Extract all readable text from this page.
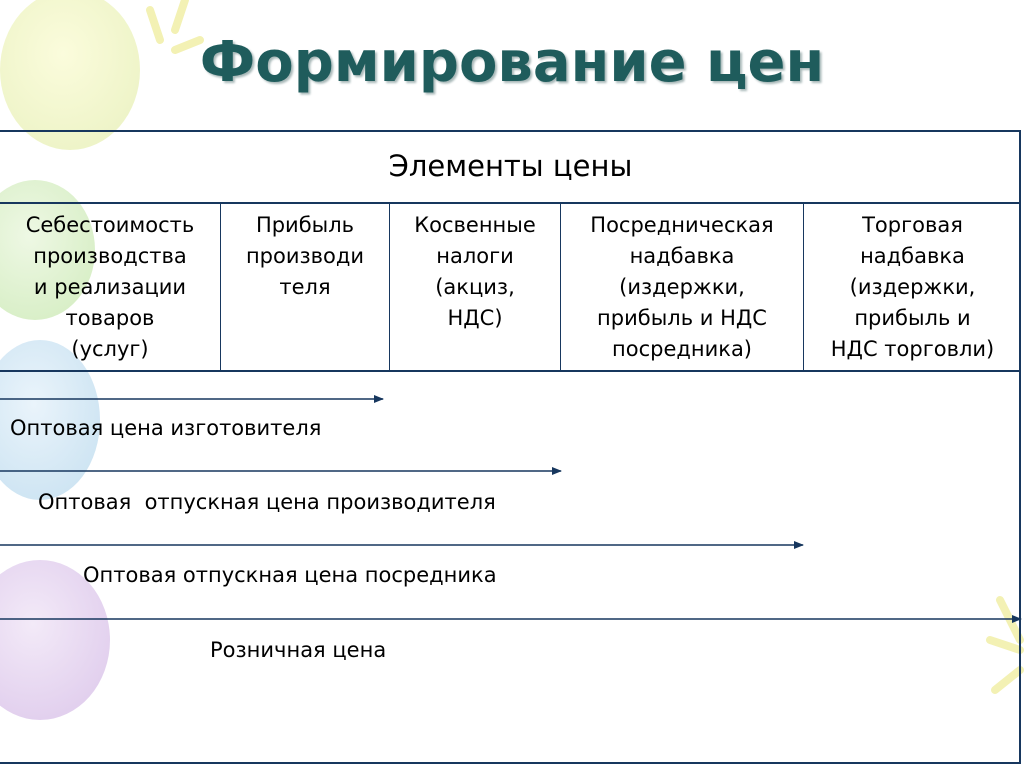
Формирование цен
Элементы цены
Себестоимость
производства
и реализации
товаров
(услуг)
Прибыль
производи
теля
Косвенные
налоги
(акциз,
НДС)
Посредническая
надбавка
(издержки,
прибыль и НДС
посредника)
Торговая
надбавка
(издержки,
прибыль и
НДС торговли)
Оптовая цена изготовителя
Оптовая  отпускная цена производителя
Оптовая отпускная цена посредника
Розничная цена
